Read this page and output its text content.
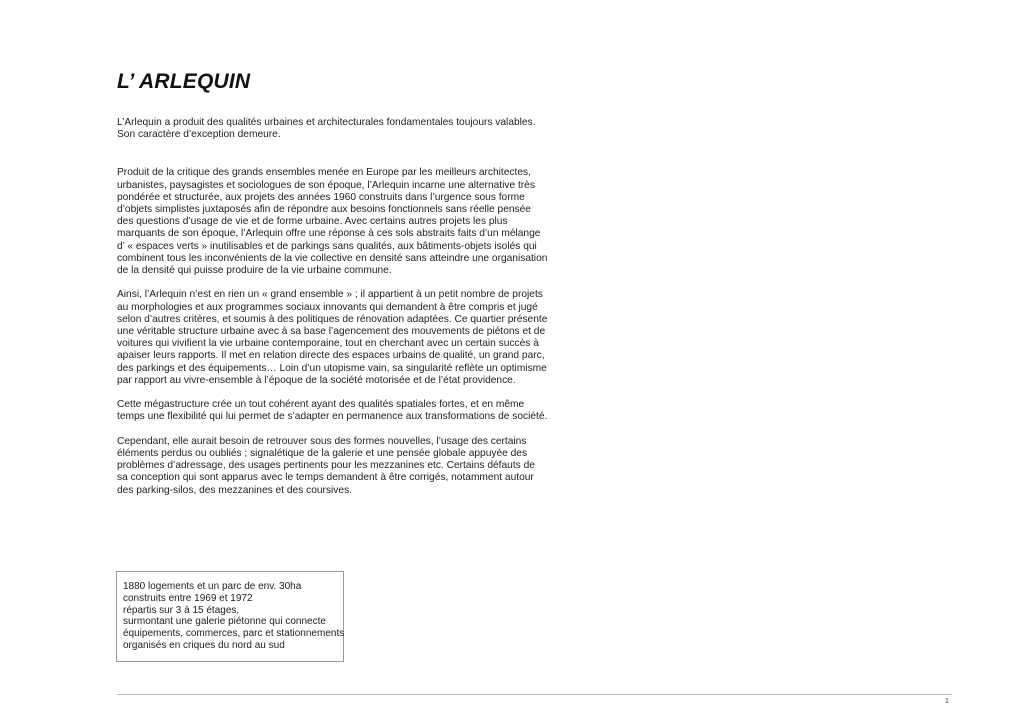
L’ ARLEQUIN

L’Arlequin a produit des qualités urbaines et architecturales fondamentales toujours valables.
Son caractère d’exception demeure.

Produit de la critique des grands ensembles menée en Europe par les meilleurs architectes,
urbanistes, paysagistes et sociologues de son époque, l’Arlequin incarne une alternative très
pondérée et structurée, aux projets des années 1960 construits dans l’urgence sous forme
d’objets simplistes juxtaposés afin de répondre aux besoins fonctionnels sans réelle pensée
des questions d’usage de vie et de forme urbaine. Avec certains autres projets les plus
marquants de son époque, l’Arlequin offre une réponse à ces sols abstraits faits d’un mélange
d’ « espaces verts » inutilisables et de parkings sans qualités, aux bâtiments-objets isolés qui
combinent tous les inconvénients de la vie collective en densité sans atteindre une organisation
de la densité qui puisse produire de la vie urbaine commune.

Ainsi, l’Arlequin n’est en rien un « grand ensemble » ; il appartient à un petit nombre de projets
au morphologies et aux programmes sociaux innovants qui demandent à être compris et jugé
selon d’autres critères, et soumis à des politiques de rénovation adaptées. Ce quartier présente
une véritable structure urbaine avec à sa base l’agencement des mouvements de piétons et de
voitures qui vivifient la vie urbaine contemporaine, tout en cherchant avec un certain succès à
apaiser leurs rapports. Il met en relation directe des espaces urbains de qualité, un grand parc,
des parkings et des équipements… Loin d’un utopisme vain, sa singularité reflète un optimisme
par rapport au vivre-ensemble à l’époque de la société motorisée et de l’état providence.

Cette mégastructure crée un tout cohérent ayant des qualités spatiales fortes, et en même
temps une flexibilité qui lui permet de s’adapter en permanence aux transformations de société.

Cependant, elle aurait besoin de retrouver sous des formes nouvelles, l’usage des certains
éléments perdus ou oubliés ; signalétique de la galerie et une pensée globale appuyée des
problèmes d’adressage, des usages pertinents pour les mezzanines etc. Certains défauts de
sa conception qui sont apparus avec le temps demandent à être corrigés, notamment autour
des parking-silos, des mezzanines et des coursives.

1880 logements et un parc de env. 30ha
construits entre 1969 et 1972
répartis sur 3 à 15 étages,
surmontant une galerie piétonne qui connecte
équipements, commerces, parc et stationnements
organisés en criques du nord au sud
1
